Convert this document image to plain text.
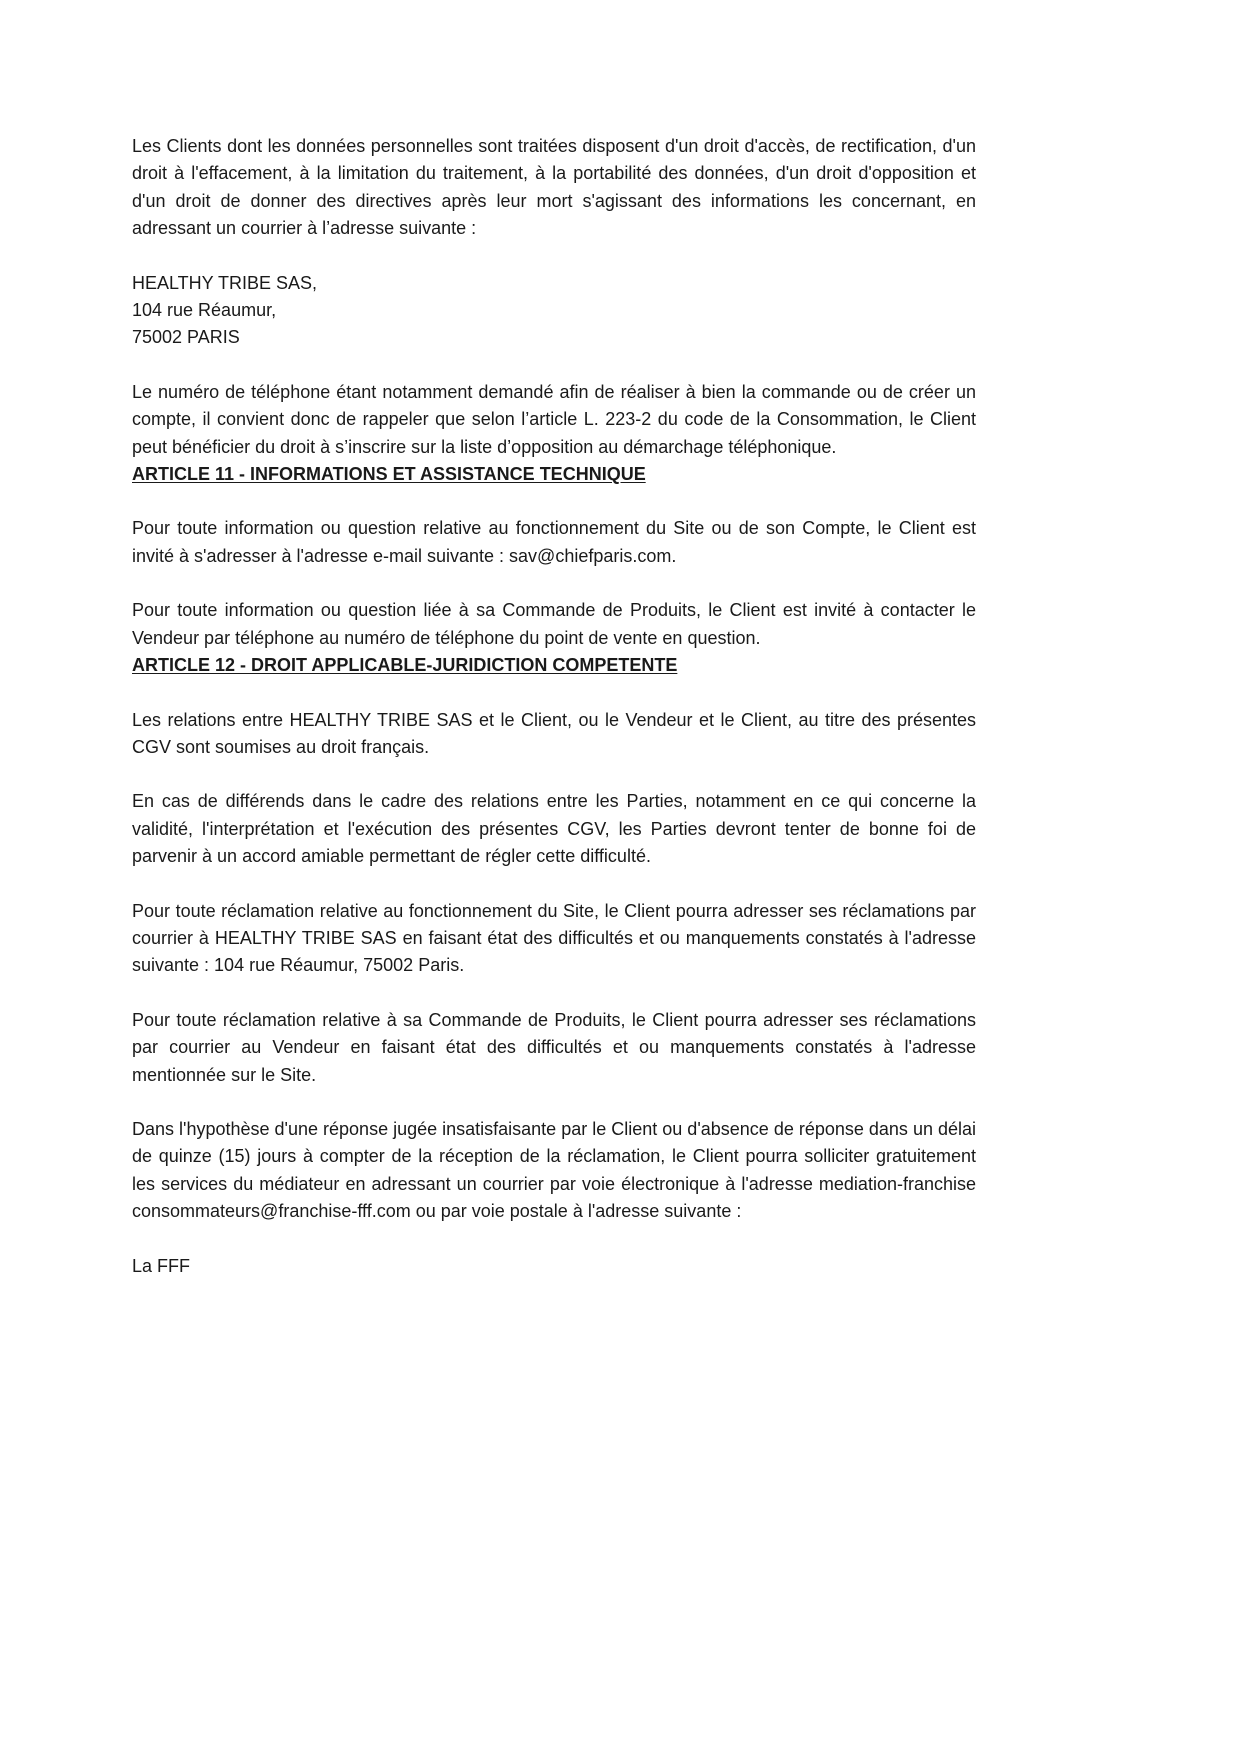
Les Clients dont les données personnelles sont traitées disposent d'un droit d'accès, de rectification, d'un droit à l'effacement, à la limitation du traitement, à la portabilité des données, d'un droit d'opposition et d'un droit de donner des directives après leur mort s'agissant des informations les concernant, en adressant un courrier à l’adresse suivante :

HEALTHY TRIBE SAS,
104 rue Réaumur,
75002 PARIS

Le numéro de téléphone étant notamment demandé afin de réaliser à bien la commande ou de créer un compte, il convient donc de rappeler que selon l’article L. 223-2 du code de la Consommation, le Client peut bénéficier du droit à s’inscrire sur la liste d’opposition au démarchage téléphonique.

ARTICLE 11 - INFORMATIONS ET ASSISTANCE TECHNIQUE

Pour toute information ou question relative au fonctionnement du Site ou de son Compte, le Client est invité à s'adresser à l'adresse e-mail suivante : sav@chiefparis.com.

Pour toute information ou question liée à sa Commande de Produits, le Client est invité à contacter le Vendeur par téléphone au numéro de téléphone du point de vente en question.

ARTICLE 12 - DROIT APPLICABLE-JURIDICTION COMPETENTE

Les relations entre HEALTHY TRIBE SAS et le Client, ou le Vendeur et le Client, au titre des présentes CGV sont soumises au droit français.

En cas de différends dans le cadre des relations entre les Parties, notamment en ce qui concerne la validité, l'interprétation et l'exécution des présentes CGV, les Parties devront tenter de bonne foi de parvenir à un accord amiable permettant de régler cette difficulté.

Pour toute réclamation relative au fonctionnement du Site, le Client pourra adresser ses réclamations par courrier à HEALTHY TRIBE SAS en faisant état des difficultés et ou manquements constatés à l'adresse suivante : 104 rue Réaumur, 75002 Paris.

Pour toute réclamation relative à sa Commande de Produits, le Client pourra adresser ses réclamations par courrier au Vendeur en faisant état des difficultés et ou manquements constatés à l'adresse mentionnée sur le Site.

Dans l'hypothèse d'une réponse jugée insatisfaisante par le Client ou d'absence de réponse dans un délai de quinze (15) jours à compter de la réception de la réclamation, le Client pourra solliciter gratuitement les services du médiateur en adressant un courrier par voie électronique à l'adresse mediation-franchise consommateurs@franchise-fff.com ou par voie postale à l'adresse suivante :

La FFF
